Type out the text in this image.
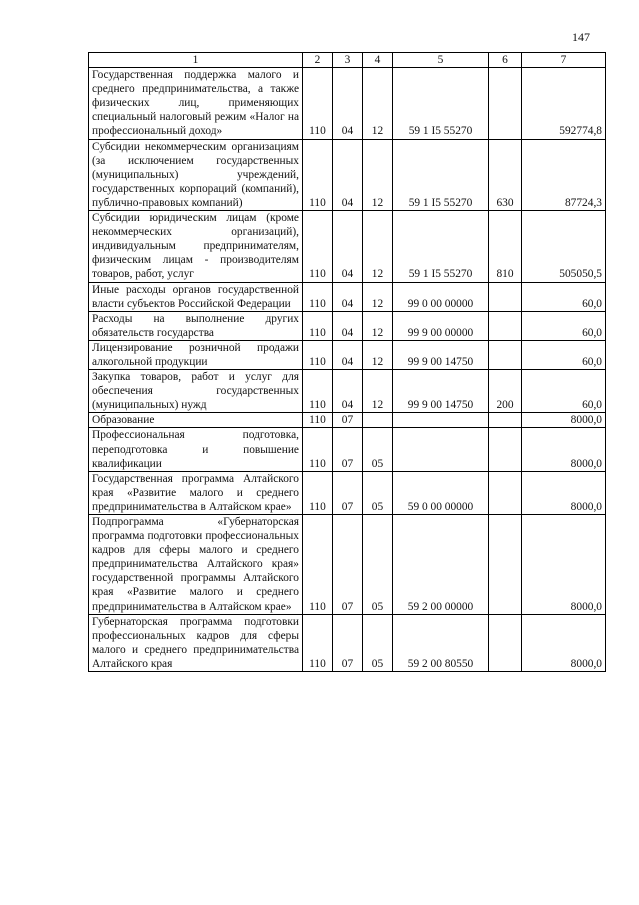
147
1	2	3	4	5	6	7
Государственная поддержка малого и среднего предпринимательства, а также физических лиц, применяющих специальный налоговый режим «Налог на профессиональный доход»	110	04	12	59 1 I5 55270		592774,8
Субсидии некоммерческим организациям (за исключением государственных (муниципальных) учреждений, государственных корпораций (компаний), публично-правовых компаний)	110	04	12	59 1 I5 55270	630	87724,3
Субсидии юридическим лицам (кроме некоммерческих организаций), индивидуальным предпринимателям, физическим лицам - производителям товаров, работ, услуг	110	04	12	59 1 I5 55270	810	505050,5
Иные расходы органов государственной власти субъектов Российской Федерации	110	04	12	99 0 00 00000		60,0
Расходы на выполнение других обязательств государства	110	04	12	99 9 00 00000		60,0
Лицензирование розничной продажи алкогольной продукции	110	04	12	99 9 00 14750		60,0
Закупка товаров, работ и услуг для обеспечения государственных (муниципальных) нужд	110	04	12	99 9 00 14750	200	60,0
Образование	110	07				8000,0
Профессиональная подготовка, переподготовка и повышение квалификации	110	07	05			8000,0
Государственная программа Алтайского края «Развитие малого и среднего предпринимательства в Алтайском крае»	110	07	05	59 0 00 00000		8000,0
Подпрограмма «Губернаторская программа подготовки профессиональных кадров для сферы малого и среднего предпринимательства Алтайского края» государственной программы Алтайского края «Развитие малого и среднего предпринимательства в Алтайском крае»	110	07	05	59 2 00 00000		8000,0
Губернаторская программа подготовки профессиональных кадров для сферы малого и среднего предпринимательства Алтайского края	110	07	05	59 2 00 80550		8000,0
